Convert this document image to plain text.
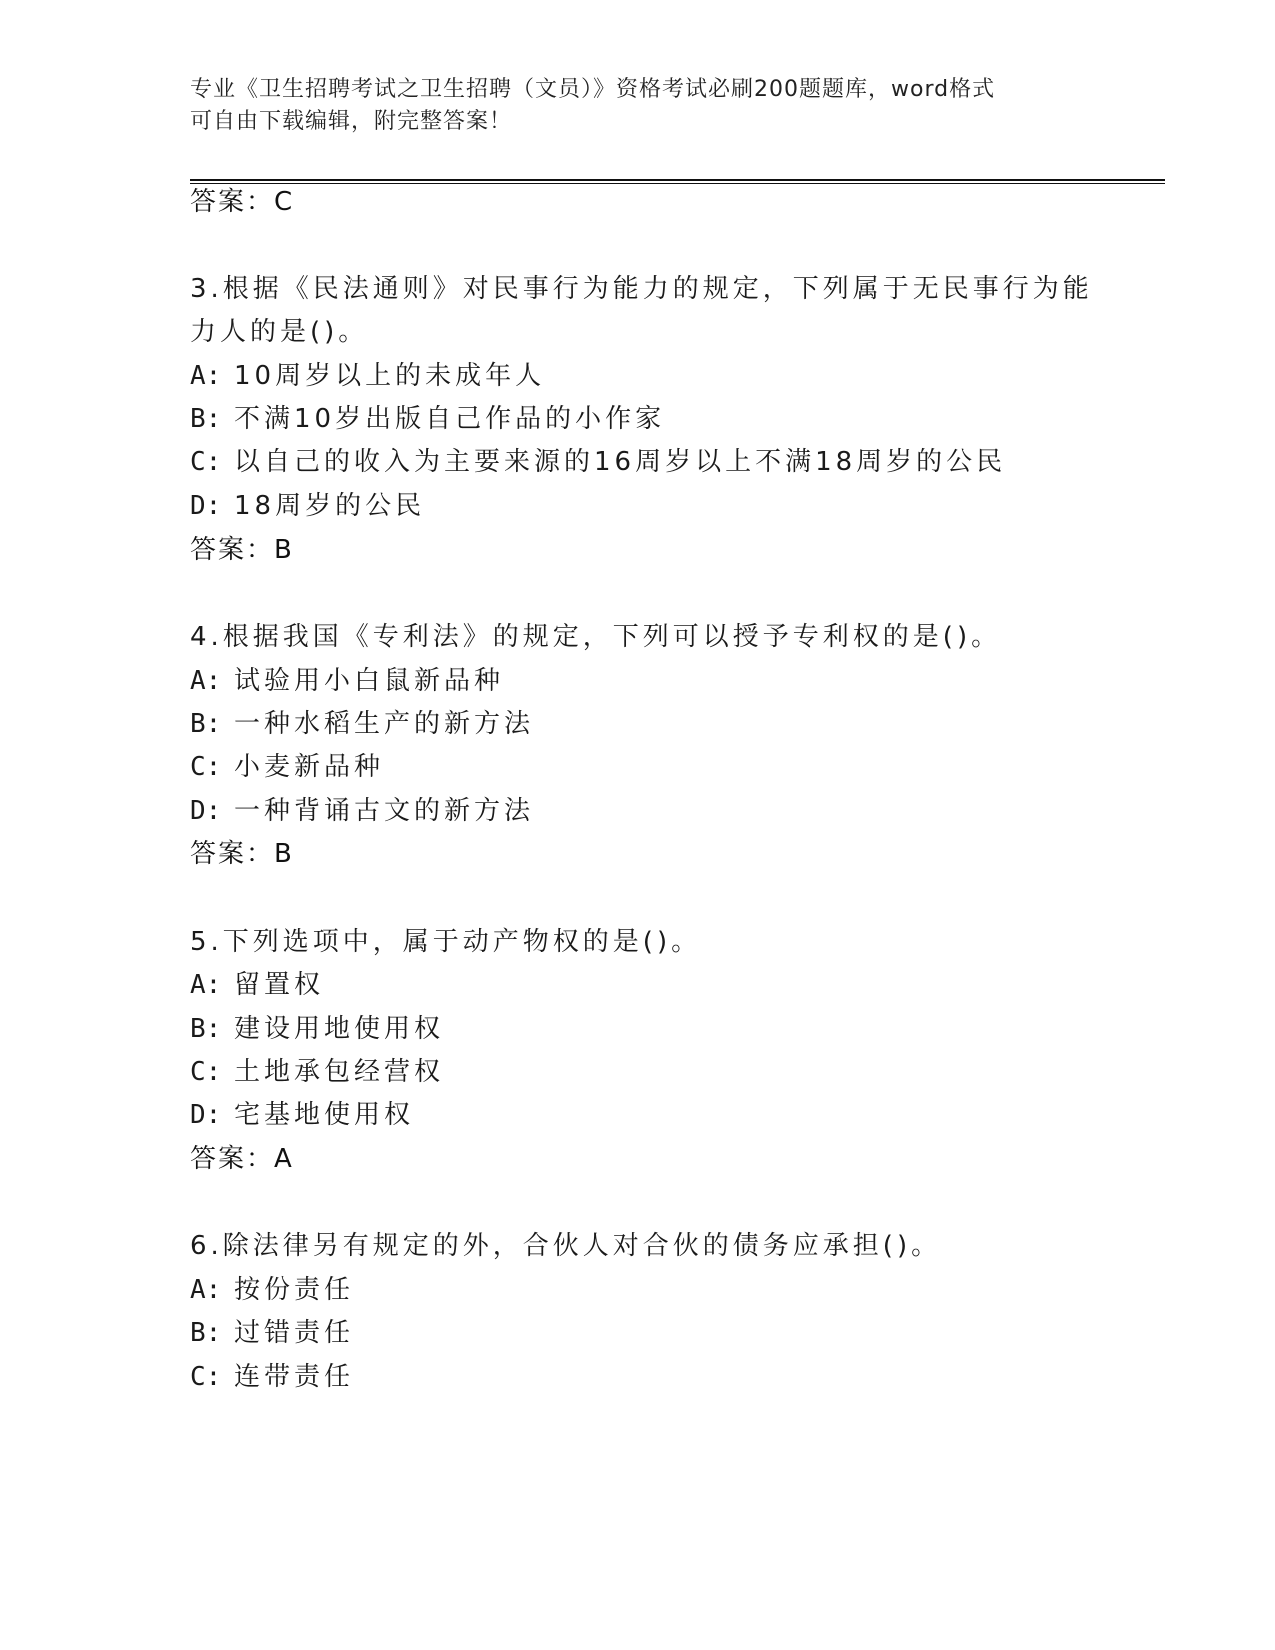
专业《卫生招聘考试之卫生招聘（文员）》资格考试必刷200题题库，word格式
可自由下载编辑，附完整答案！
答案：C
3.根据《民法通则》对民事行为能力的规定，下列属于无民事行为能
力人的是()。
A: 10周岁以上的未成年人
B: 不满10岁出版自己作品的小作家
C: 以自己的收入为主要来源的16周岁以上不满18周岁的公民
D: 18周岁的公民
答案：B
4.根据我国《专利法》的规定，下列可以授予专利权的是()。
A: 试验用小白鼠新品种
B: 一种水稻生产的新方法
C: 小麦新品种
D: 一种背诵古文的新方法
答案：B
5.下列选项中，属于动产物权的是()。
A: 留置权
B: 建设用地使用权
C: 土地承包经营权
D: 宅基地使用权
答案：A
6.除法律另有规定的外，合伙人对合伙的债务应承担()。
A: 按份责任
B: 过错责任
C: 连带责任
